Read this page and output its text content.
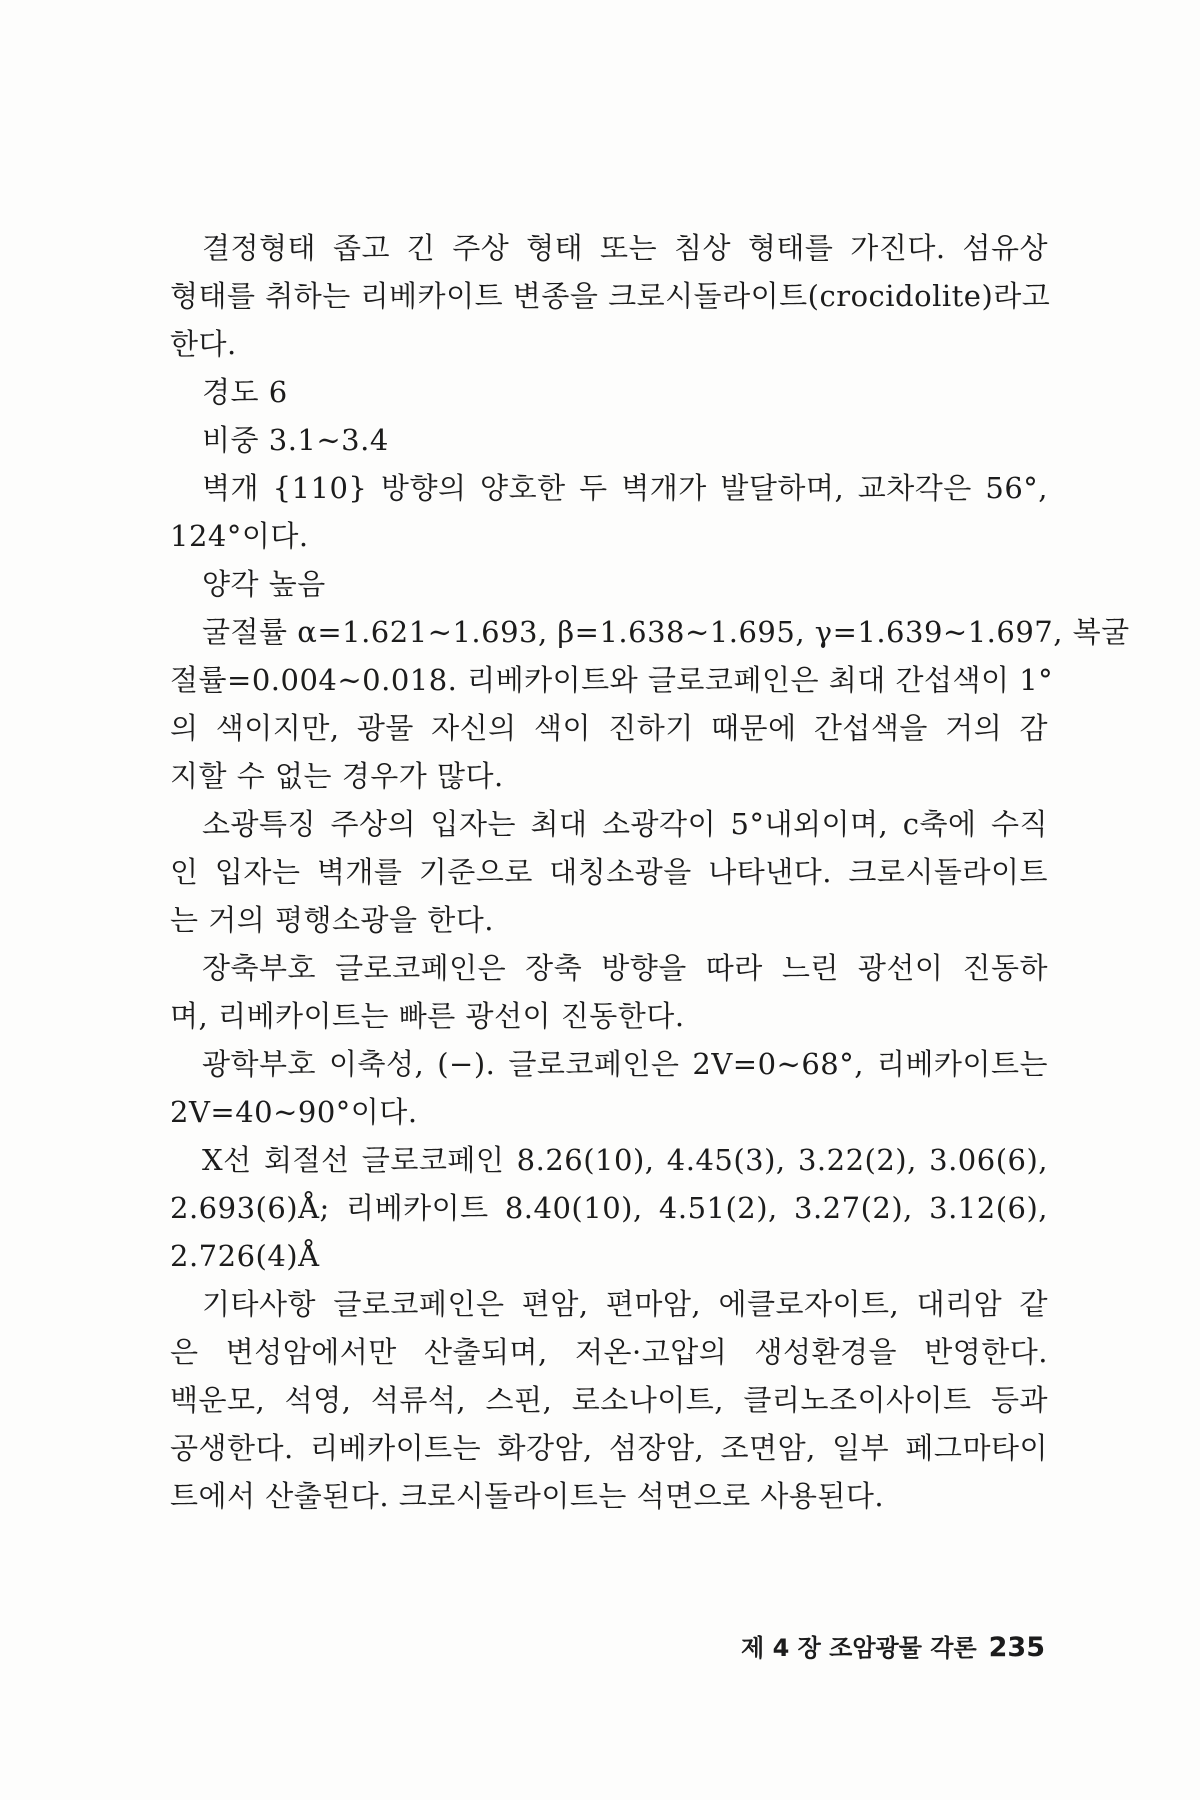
결정형태 좁고 긴 주상 형태 또는 침상 형태를 가진다. 섬유상
형태를 취하는 리베카이트 변종을 크로시돌라이트(crocidolite)라고
한다.
경도 6
비중 3.1∼3.4
벽개 {110} 방향의 양호한 두 벽개가 발달하며, 교차각은 56°,
124°이다.
양각 높음
굴절률 α=1.621∼1.693, β=1.638∼1.695, γ=1.639∼1.697, 복굴
절률=0.004∼0.018. 리베카이트와 글로코페인은 최대 간섭색이 1°
의 색이지만, 광물 자신의 색이 진하기 때문에 간섭색을 거의 감
지할 수 없는 경우가 많다.
소광특징 주상의 입자는 최대 소광각이 5°내외이며, c축에 수직
인 입자는 벽개를 기준으로 대칭소광을 나타낸다. 크로시돌라이트
는 거의 평행소광을 한다.
장축부호 글로코페인은 장축 방향을 따라 느린 광선이 진동하
며, 리베카이트는 빠른 광선이 진동한다.
광학부호 이축성, (−). 글로코페인은 2V=0∼68°, 리베카이트는
2V=40∼90°이다.
X선 회절선 글로코페인 8.26(10), 4.45(3), 3.22(2), 3.06(6),
2.693(6)Å; 리베카이트 8.40(10), 4.51(2), 3.27(2), 3.12(6),
2.726(4)Å
기타사항 글로코페인은 편암, 편마암, 에클로자이트, 대리암 같
은 변성암에서만 산출되며, 저온·고압의 생성환경을 반영한다.
백운모, 석영, 석류석, 스핀, 로소나이트, 클리노조이사이트 등과
공생한다. 리베카이트는 화강암, 섬장암, 조면암, 일부 페그마타이
트에서 산출된다. 크로시돌라이트는 석면으로 사용된다.
제 4 장 조암광물 각론 235
